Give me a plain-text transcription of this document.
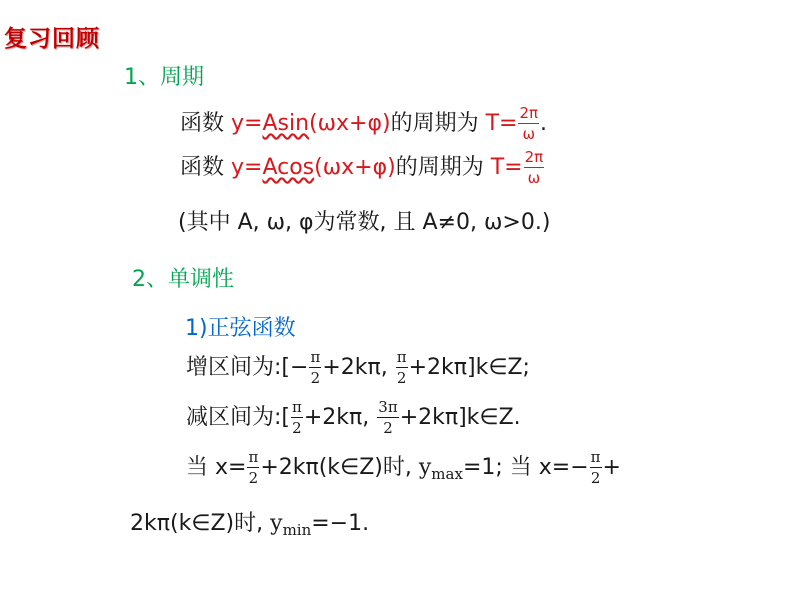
复习回顾
1、周期
函数 y=Asin(ωx+φ)的周期为 $T= \frac{2\pi}{\omega}$ .
函数 y=Acos(ωx+φ)的周期为 $T= \frac{2\pi}{\omega}$
(其中 A, ω, φ为常数, 且 A≠0, ω>0.)
2、单调性
1)正弦函数
增区间为:[− $\frac{\pi}{2} +2k\pi$, $\frac{\pi}{2}$ +2kπ]k∈Z;
减区间为:[ $\frac{\pi}{2} +2k\pi$, $\frac{3\pi}{2}$ +2kπ]k∈Z.
当 $x= \frac{\pi}{2}$ +2kπ(k∈Z)时, $y_{max}=1$; 当 $x=- \frac{\pi}{2}$ +
2kπ(k∈Z)时, $y_{min}=-1$.
